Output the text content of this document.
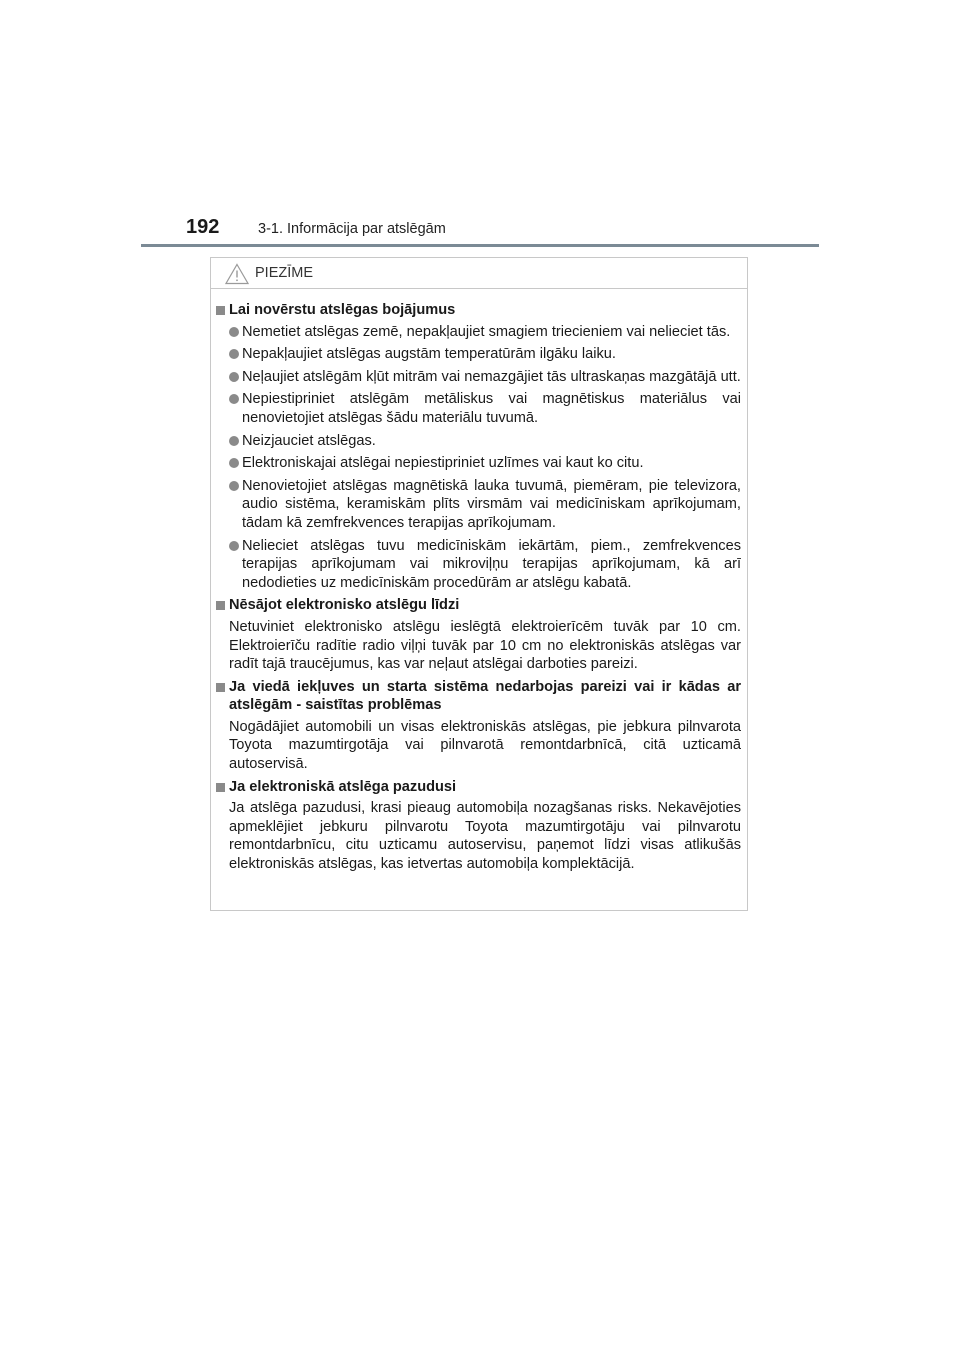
192	3-1. Informācija par atslēgām
PIEZĪME
Lai novērstu atslēgas bojājumus
Nemetiet atslēgas zemē, nepakļaujiet smagiem triecieniem vai nelieciet tās.
Nepakļaujiet atslēgas augstām temperatūrām ilgāku laiku.
Neļaujiet atslēgām kļūt mitrām vai nemazgājiet tās ultraskaņas mazgātājā utt.
Nepiestipriniet atslēgām metāliskus vai magnētiskus materiālus vai nenovietojiet atslēgas šādu materiālu tuvumā.
Neizjauciet atslēgas.
Elektroniskajai atslēgai nepiestipriniet uzlīmes vai kaut ko citu.
Nenovietojiet atslēgas magnētiskā lauka tuvumā, piemēram, pie televizora, audio sistēma, keramiskām plīts virsmām vai medicīniskam aprīkojumam, tādam kā zemfrekvences terapijas aprīkojumam.
Nelieciet atslēgas tuvu medicīniskām iekārtām, piem., zemfrekvences terapijas aprīkojumam vai mikroviļņu terapijas aprīkojumam, kā arī nedodieties uz medicīniskām procedūrām ar atslēgu kabatā.
Nēsājot elektronisko atslēgu līdzi
Netuviniet elektronisko atslēgu ieslēgtā elektroierīcēm tuvāk par 10 cm. Elektroierīču radītie radio viļņi tuvāk par 10 cm no elektroniskās atslēgas var radīt tajā traucējumus, kas var neļaut atslēgai darboties pareizi.
Ja viedā iekļuves un starta sistēma nedarbojas pareizi vai ir kādas ar atslēgām - saistītas problēmas
Nogādājiet automobili un visas elektroniskās atslēgas, pie jebkura pilnvarota Toyota mazumtirgotāja vai pilnvarotā remontdarbnīcā, citā uzticamā autoservisā.
Ja elektroniskā atslēga pazudusi
Ja atslēga pazudusi, krasi pieaug automobiļa nozagšanas risks. Nekavējoties apmeklējiet jebkuru pilnvarotu Toyota mazumtirgotāju vai pilnvarotu remontdarbnīcu, citu uzticamu autoservisu, paņemot līdzi visas atlikušās elektroniskās atslēgas, kas ietvertas automobiļa komplektācijā.
